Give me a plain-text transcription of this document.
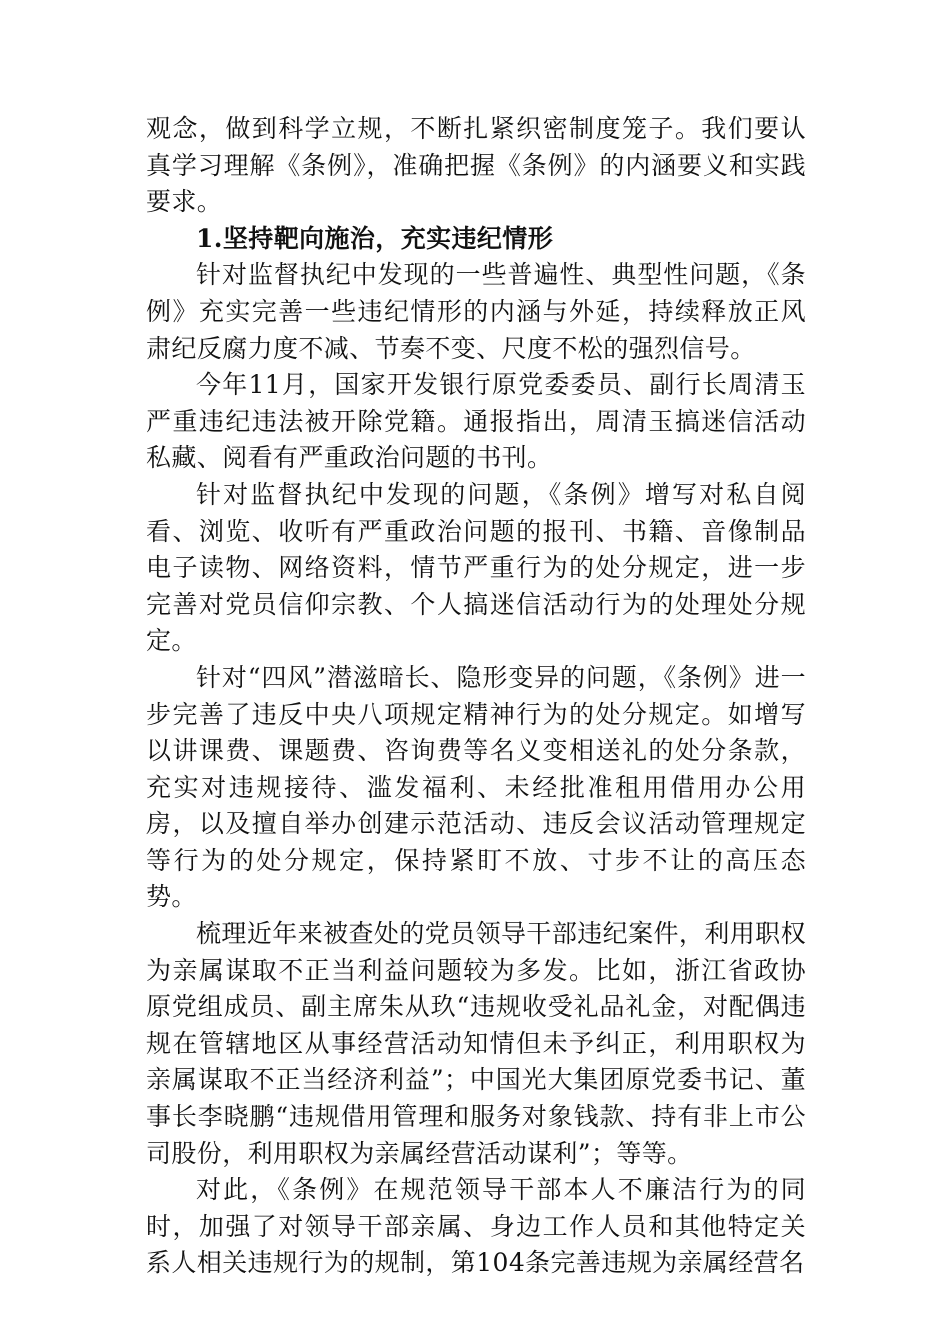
观念，做到科学立规，不断扎紧织密制度笼子。我们要认真学习理解《条例》，准确把握《条例》的内涵要义和实践要求。

1.坚持靶向施治，充实违纪情形

针对监督执纪中发现的一些普遍性、典型性问题，《条例》充实完善一些违纪情形的内涵与外延，持续释放正风肃纪反腐力度不减、节奏不变、尺度不松的强烈信号。

今年11月，国家开发银行原党委委员、副行长周清玉严重违纪违法被开除党籍。通报指出，周清玉搞迷信活动私藏、阅看有严重政治问题的书刊。

针对监督执纪中发现的问题，《条例》增写对私自阅看、浏览、收听有严重政治问题的报刊、书籍、音像制品电子读物、网络资料，情节严重行为的处分规定，进一步完善对党员信仰宗教、个人搞迷信活动行为的处理处分规定。

针对“四风”潜滋暗长、隐形变异的问题，《条例》进一步完善了违反中央八项规定精神行为的处分规定。如增写以讲课费、课题费、咨询费等名义变相送礼的处分条款，充实对违规接待、滥发福利、未经批准租用借用办公用房，以及擅自举办创建示范活动、违反会议活动管理规定等行为的处分规定，保持紧盯不放、寸步不让的高压态势。

梳理近年来被查处的党员领导干部违纪案件，利用职权为亲属谋取不正当利益问题较为多发。比如，浙江省政协原党组成员、副主席朱从玖“违规收受礼品礼金，对配偶违规在管辖地区从事经营活动知情但未予纠正，利用职权为亲属谋取不正当经济利益”；中国光大集团原党委书记、董事长李晓鹏“违规借用管理和服务对象钱款、持有非上市公司股份，利用职权为亲属经营活动谋利”；等等。

对此，《条例》在规范领导干部本人不廉洁行为的同时，加强了对领导干部亲属、身边工作人员和其他特定关系人相关违规行为的规制，第104条完善违规为亲属经营名
